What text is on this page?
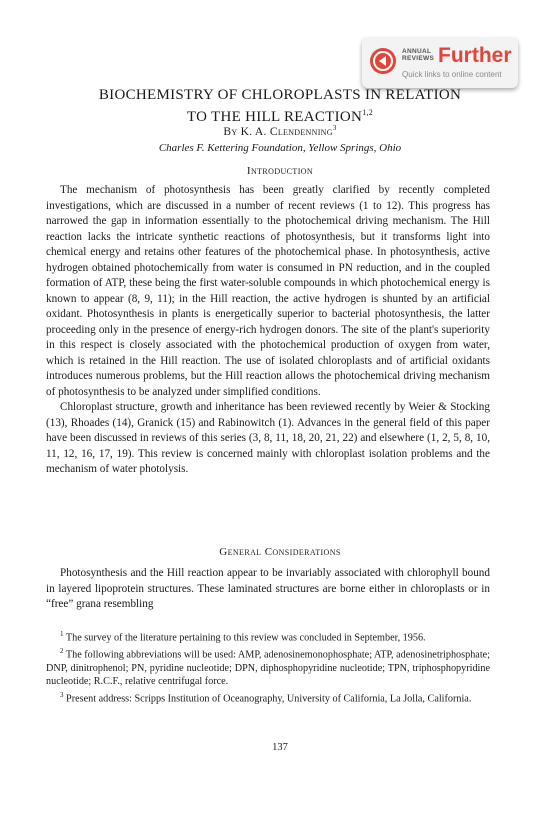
ANNUAL
REVIEWS Further
Quick links to online content
BIOCHEMISTRY OF CHLOROPLASTS IN RELATION
TO THE HILL REACTION$^{1,2}$
By K. A. Clendenning$^3$
Charles F. Kettering Foundation, Yellow Springs, Ohio
Introduction

The mechanism of photosynthesis has been greatly clarified by recently completed investigations, which are discussed in a number of recent reviews (1 to 12). This progress has narrowed the gap in information essentially to the photochemical driving mechanism. The Hill reaction lacks the intricate synthetic reactions of photosynthesis, but it transforms light into chemical energy and retains other features of the photochemical phase. In photosynthesis, active hydrogen obtained photochemically from water is consumed in PN reduction, and in the coupled formation of ATP, these being the first water-soluble compounds in which photochemical energy is known to appear (8, 9, 11); in the Hill reaction, the active hydrogen is shunted by an artificial oxidant. Photosynthesis in plants is energetically superior to bacterial photosynthesis, the latter proceeding only in the presence of energy-rich hydrogen donors. The site of the plant's superiority in this respect is closely associated with the photochemical production of oxygen from water, which is retained in the Hill reaction. The use of isolated chloroplasts and of artificial oxidants introduces numerous problems, but the Hill reaction allows the photochemical driving mechanism of photosynthesis to be analyzed under simplified conditions.

Chloroplast structure, growth and inheritance has been reviewed recently by Weier & Stocking (13), Rhoades (14), Granick (15) and Rabinowitch (1). Advances in the general field of this paper have been discussed in reviews of this series (3, 8, 11, 18, 20, 21, 22) and elsewhere (1, 2, 5, 8, 10, 11, 12, 16, 17, 19). This review is concerned mainly with chloroplast isolation problems and the mechanism of water photolysis.

General Considerations

Photosynthesis and the Hill reaction appear to be invariably associated with chlorophyll bound in layered lipoprotein structures. These laminated structures are borne either in chloroplasts or in “free” grana resembling

$^1$ The survey of the literature pertaining to this review was concluded in September, 1956.

$^2$ The following abbreviations will be used: AMP, adenosinemonophosphate; ATP, adenosinetriphosphate; DNP, dinitrophenol; PN, pyridine nucleotide; DPN, diphosphopyridine nucleotide; TPN, triphosphopyridine nucleotide; R.C.F., relative centrifugal force.

$^3$ Present address: Scripps Institution of Oceanography, University of California, La Jolla, California.

137
